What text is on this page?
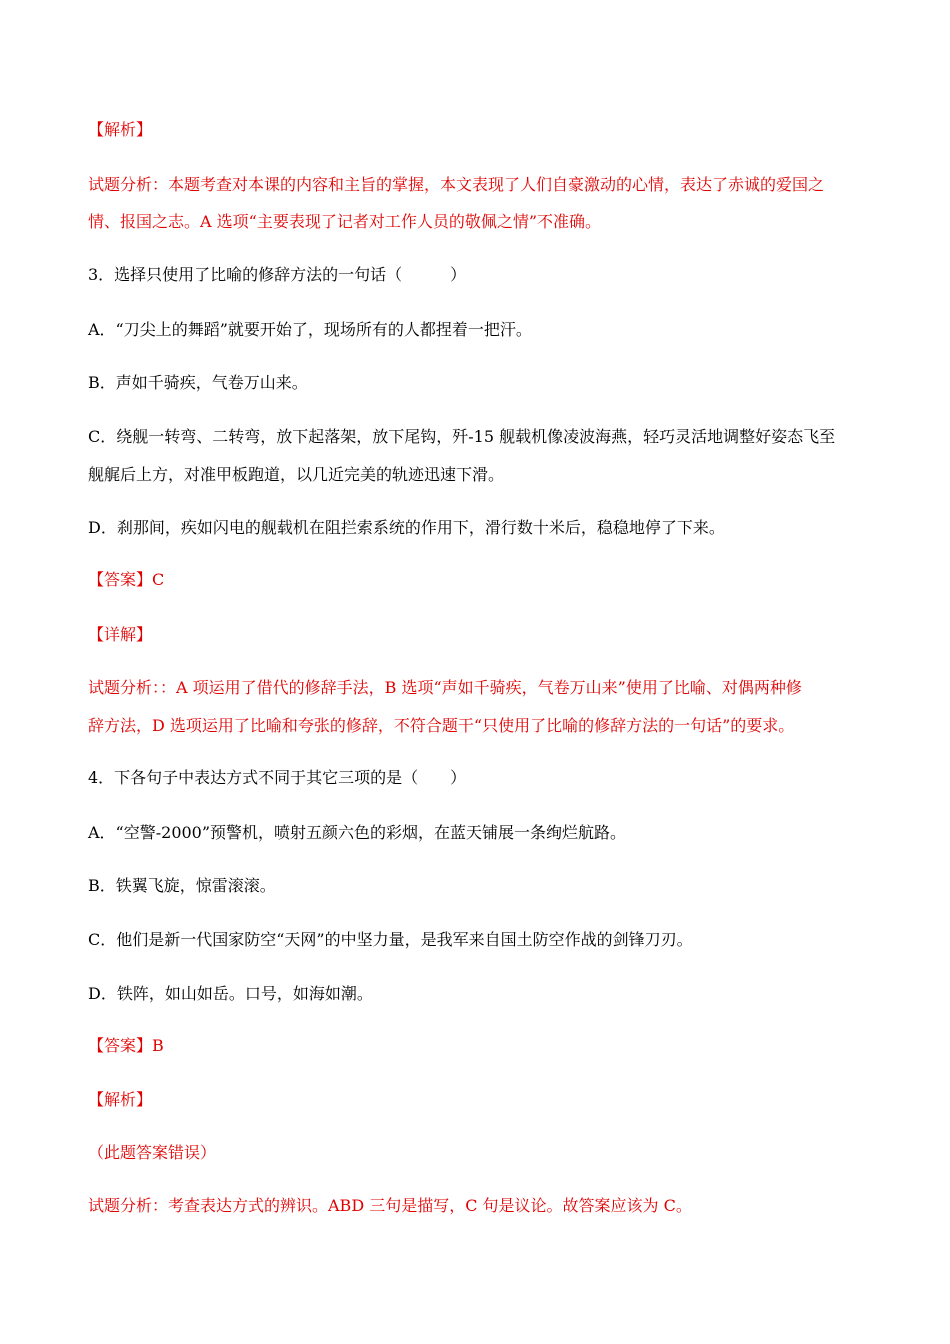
【解析】

试题分析：本题考查对本课的内容和主旨的掌握，本文表现了人们自豪激动的心情，表达了赤诚的爱国之

情、报国之志。A 选项“主要表现了记者对工作人员的敬佩之情”不准确。

3．选择只使用了比喻的修辞方法的一句话（　　　）

A．“刀尖上的舞蹈”就要开始了，现场所有的人都捏着一把汗。

B．声如千骑疾，气卷万山来。

C．绕舰一转弯、二转弯，放下起落架，放下尾钩，歼-15 舰载机像凌波海燕，轻巧灵活地调整好姿态飞至

舰艉后上方，对准甲板跑道，以几近完美的轨迹迅速下滑。

D．刹那间，疾如闪电的舰载机在阻拦索系统的作用下，滑行数十米后，稳稳地停了下来。

【答案】C

【详解】

试题分析：：A 项运用了借代的修辞手法，B 选项“声如千骑疾，气卷万山来”使用了比喻、对偶两种修

辞方法，D 选项运用了比喻和夸张的修辞，不符合题干“只使用了比喻的修辞方法的一句话”的要求。

4．下各句子中表达方式不同于其它三项的是（　　）

A．“空警-2000”预警机，喷射五颜六色的彩烟，在蓝天铺展一条绚烂航路。

B．铁翼飞旋，惊雷滚滚。

C．他们是新一代国家防空“天网”的中坚力量，是我军来自国土防空作战的剑锋刀刃。

D．铁阵，如山如岳。口号，如海如潮。

【答案】B

【解析】

（此题答案错误）

试题分析：考查表达方式的辨识。ABD 三句是描写，C 句是议论。故答案应该为 C。
